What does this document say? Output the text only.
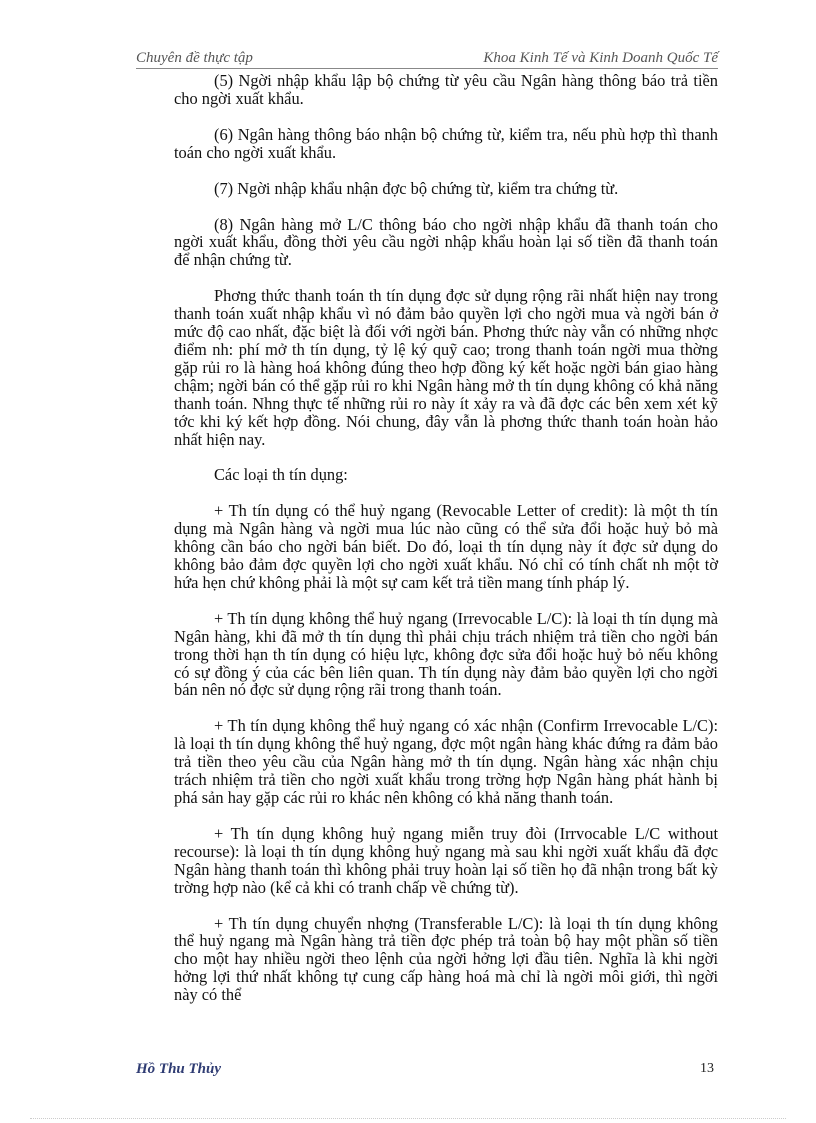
Chuyên đề thực tập	Khoa Kinh Tế và Kinh Doanh Quốc Tế

(5) Ngời nhập khẩu lập bộ chứng từ yêu cầu Ngân hàng thông báo trả tiền cho ngời xuất khẩu.

(6) Ngân hàng thông báo nhận bộ chứng từ, kiểm tra, nếu phù hợp thì thanh toán cho ngời xuất khẩu.

(7) Ngời nhập khẩu nhận đợc bộ chứng từ, kiểm tra chứng từ.

(8) Ngân hàng mở L/C thông báo cho ngời nhập khẩu đã thanh toán cho ngời xuất khẩu, đồng thời yêu cầu ngời nhập khẩu hoàn lại số tiền đã thanh toán để nhận chứng từ.

Phơng thức thanh toán th tín dụng đợc sử dụng rộng rãi nhất hiện nay trong thanh toán xuất nhập khẩu vì nó đảm bảo quyền lợi cho ngời mua và ngời bán ở mức độ cao nhất, đặc biệt là đối với ngời bán. Phơng thức này vẫn có những nhợc điểm nh: phí mở th tín dụng, tỷ lệ ký quỹ cao; trong thanh toán ngời mua thờng gặp rủi ro là hàng hoá không đúng theo hợp đồng ký kết hoặc ngời bán giao hàng chậm; ngời bán có thể gặp rủi ro khi Ngân hàng mở th tín dụng không có khả năng thanh toán. Nhng thực tế những rủi ro này ít xảy ra và đã đợc các bên xem xét kỹ tớc khi ký kết hợp đồng. Nói chung, đây vẫn là phơng thức thanh toán hoàn hảo nhất hiện nay.

Các loại th tín dụng:

+ Th tín dụng có thể huỷ ngang (Revocable Letter of credit): là một th tín dụng mà Ngân hàng và ngời mua lúc nào cũng có thể sửa đổi hoặc huỷ bỏ mà không cần báo cho ngời bán biết. Do đó, loại th tín dụng này ít đợc sử dụng do không bảo đảm đợc quyền lợi cho ngời xuất khẩu. Nó chỉ có tính chất nh một tờ hứa hẹn chứ không phải là một sự cam kết trả tiền mang tính pháp lý.

+ Th tín dụng không thể huỷ ngang (Irrevocable L/C): là loại th tín dụng mà Ngân hàng, khi đã mở th tín dụng thì phải chịu trách nhiệm trả tiền cho ngời bán trong thời hạn th tín dụng có hiệu lực, không đợc sửa đổi hoặc huỷ bỏ nếu không có sự đồng ý của các bên liên quan. Th tín dụng này đảm bảo quyền lợi cho ngời bán nên nó đợc sử dụng rộng rãi trong thanh toán.

+ Th tín dụng không thể huỷ ngang có xác nhận (Confirm Irrevocable L/C): là loại th tín dụng không thể huỷ ngang, đợc một ngân hàng khác đứng ra đảm bảo trả tiền theo yêu cầu của Ngân hàng mở th tín dụng. Ngân hàng xác nhận chịu trách nhiệm trả tiền cho ngời xuất khẩu trong trờng hợp Ngân hàng phát hành bị phá sản hay gặp các rủi ro khác nên không có khả năng thanh toán.

+ Th tín dụng không huỷ ngang miễn truy đòi (Irrvocable L/C without recourse): là loại th tín dụng không huỷ ngang mà sau khi ngời xuất khẩu đã đợc Ngân hàng thanh toán thì không phải truy hoàn lại số tiền họ đã nhận trong bất kỳ trờng hợp nào (kể cả khi có tranh chấp về chứng từ).

+ Th tín dụng chuyển nhợng (Transferable L/C): là loại th tín dụng không thể huỷ ngang mà Ngân hàng trả tiền đợc phép trả toàn bộ hay một phần số tiền cho một hay nhiều ngời theo lệnh của ngời hởng lợi đầu tiên. Nghĩa là khi ngời hởng lợi thứ nhất không tự cung cấp hàng hoá mà chỉ là ngời môi giới, thì ngời này có thể

Hồ Thu Thủy	13
